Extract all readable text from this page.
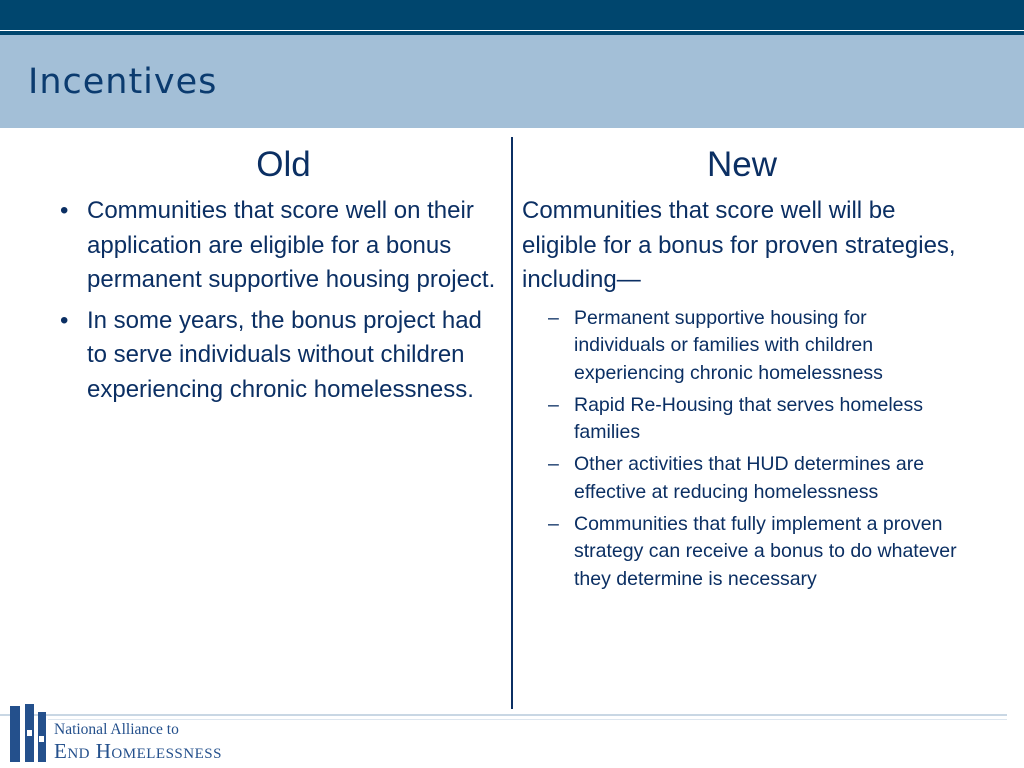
Incentives
Old
• Communities that score well on their application are eligible for a bonus permanent supportive housing project.
• In some years, the bonus project had to serve individuals without children experiencing chronic homelessness.
New

Communities that score well will be eligible for a bonus for proven strategies, including—

– Permanent supportive housing for individuals or families with children experiencing chronic homelessness
– Rapid Re-Housing that serves homeless families
– Other activities that HUD determines are effective at reducing homelessness
– Communities that fully implement a proven strategy can receive a bonus to do whatever they determine is necessary
National Alliance to
End Homelessness
